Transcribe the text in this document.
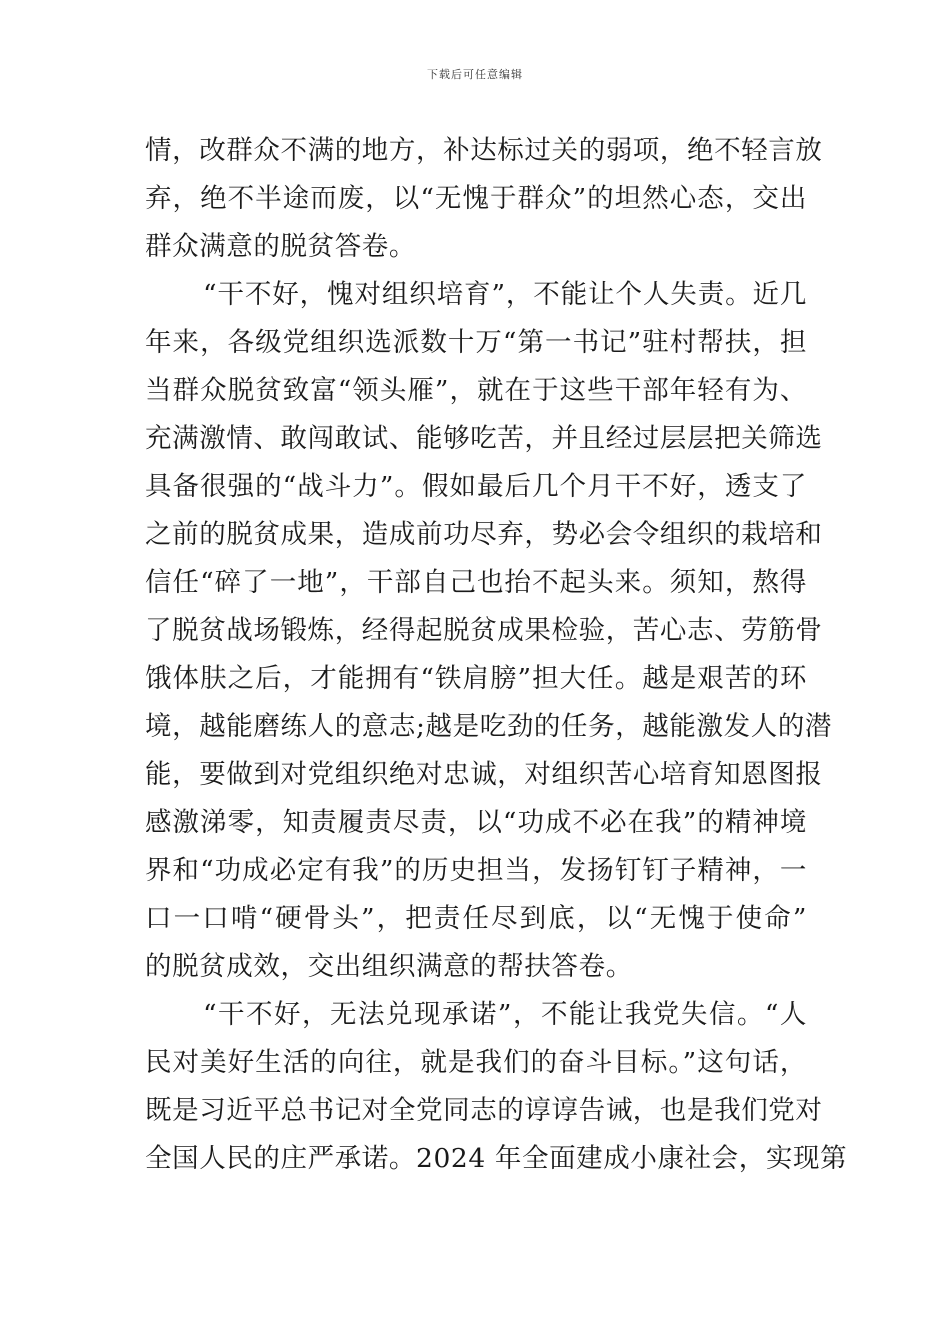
下载后可任意编辑
情，改群众不满的地方，补达标过关的弱项，绝不轻言放
弃，绝不半途而废，以“无愧于群众”的坦然心态，交出
群众满意的脱贫答卷。
“干不好，愧对组织培育”，不能让个人失责。近几
年来，各级党组织选派数十万“第一书记”驻村帮扶，担
当群众脱贫致富“领头雁”，就在于这些干部年轻有为、
充满激情、敢闯敢试、能够吃苦，并且经过层层把关筛选
具备很强的“战斗力”。假如最后几个月干不好，透支了
之前的脱贫成果，造成前功尽弃，势必会令组织的栽培和
信任“碎了一地”，干部自己也抬不起头来。须知，熬得
了脱贫战场锻炼，经得起脱贫成果检验，苦心志、劳筋骨
饿体肤之后，才能拥有“铁肩膀”担大任。越是艰苦的环
境，越能磨练人的意志;越是吃劲的任务，越能激发人的潜
能，要做到对党组织绝对忠诚，对组织苦心培育知恩图报
感激涕零，知责履责尽责，以“功成不必在我”的精神境
界和“功成必定有我”的历史担当，发扬钉钉子精神，一
口一口啃“硬骨头”，把责任尽到底，以“无愧于使命”
的脱贫成效，交出组织满意的帮扶答卷。
“干不好，无法兑现承诺”，不能让我党失信。“人
民对美好生活的向往，就是我们的奋斗目标。”这句话，
既是习近平总书记对全党同志的谆谆告诫，也是我们党对
全国人民的庄严承诺。2024 年全面建成小康社会，实现第
